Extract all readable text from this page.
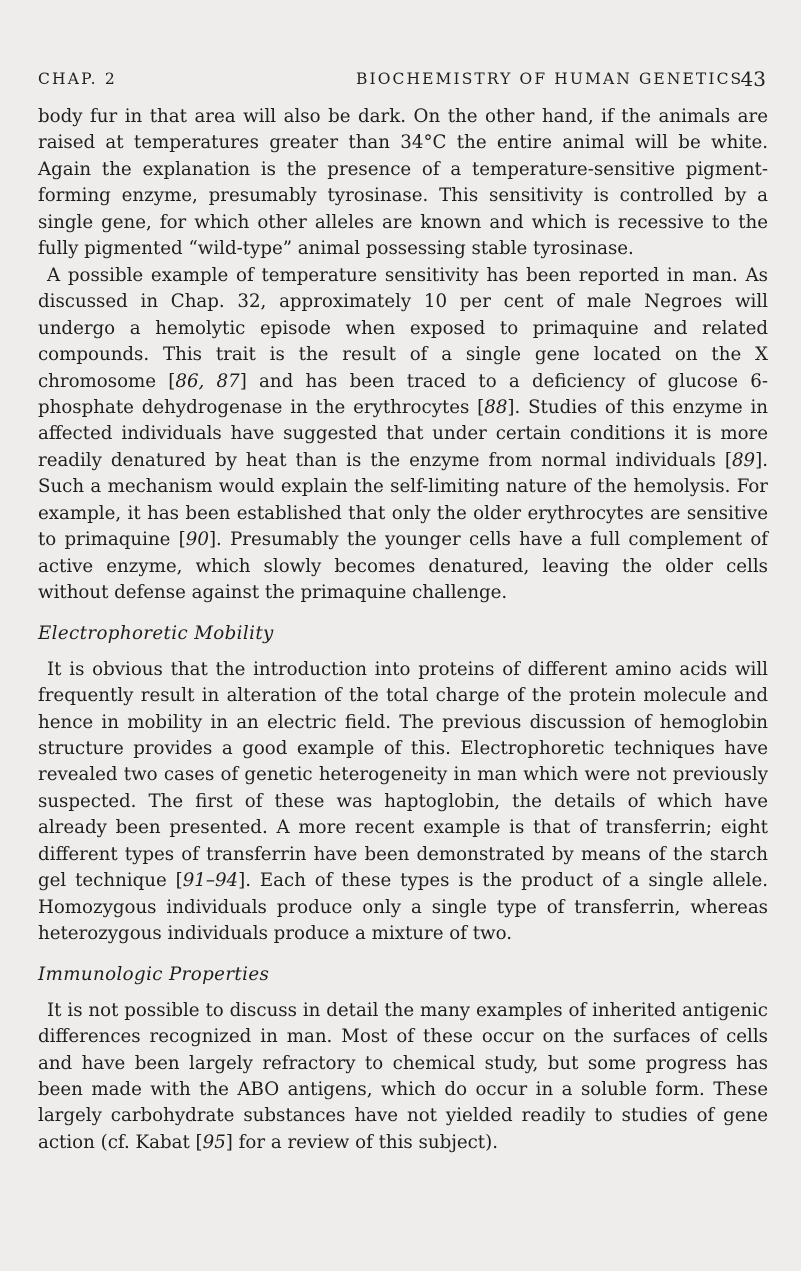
CHAP. 2	BIOCHEMISTRY OF HUMAN GENETICS
43

body fur in that area will also be dark. On the other hand, if the animals are raised at temperatures greater than 34°C the entire animal will be white. Again the explanation is the presence of a temperature-sensitive pigment-forming enzyme, presumably tyrosinase. This sensitivity is controlled by a single gene, for which other alleles are known and which is recessive to the fully pigmented “wild-type” animal possessing stable tyrosinase.

A possible example of temperature sensitivity has been reported in man. As discussed in Chap. 32, approximately 10 per cent of male Negroes will undergo a hemolytic episode when exposed to primaquine and related compounds. This trait is the result of a single gene located on the X chromosome [86, 87] and has been traced to a deficiency of glucose 6-phosphate dehydrogenase in the erythrocytes [88]. Studies of this enzyme in affected individuals have suggested that under certain conditions it is more readily denatured by heat than is the enzyme from normal individuals [89]. Such a mechanism would explain the self-limiting nature of the hemolysis. For example, it has been established that only the older erythrocytes are sensitive to primaquine [90]. Presumably the younger cells have a full complement of active enzyme, which slowly becomes denatured, leaving the older cells without defense against the primaquine challenge.

Electrophoretic Mobility

It is obvious that the introduction into proteins of different amino acids will frequently result in alteration of the total charge of the protein molecule and hence in mobility in an electric field. The previous discussion of hemoglobin structure provides a good example of this. Electrophoretic techniques have revealed two cases of genetic heterogeneity in man which were not previously suspected. The first of these was haptoglobin, the details of which have already been presented. A more recent example is that of transferrin; eight different types of transferrin have been demonstrated by means of the starch gel technique [91–94]. Each of these types is the product of a single allele. Homozygous individuals produce only a single type of transferrin, whereas heterozygous individuals produce a mixture of two.

Immunologic Properties

It is not possible to discuss in detail the many examples of inherited antigenic differences recognized in man. Most of these occur on the surfaces of cells and have been largely refractory to chemical study, but some progress has been made with the ABO antigens, which do occur in a soluble form. These largely carbohydrate substances have not yielded readily to studies of gene action (cf. Kabat [95] for a review of this subject).
